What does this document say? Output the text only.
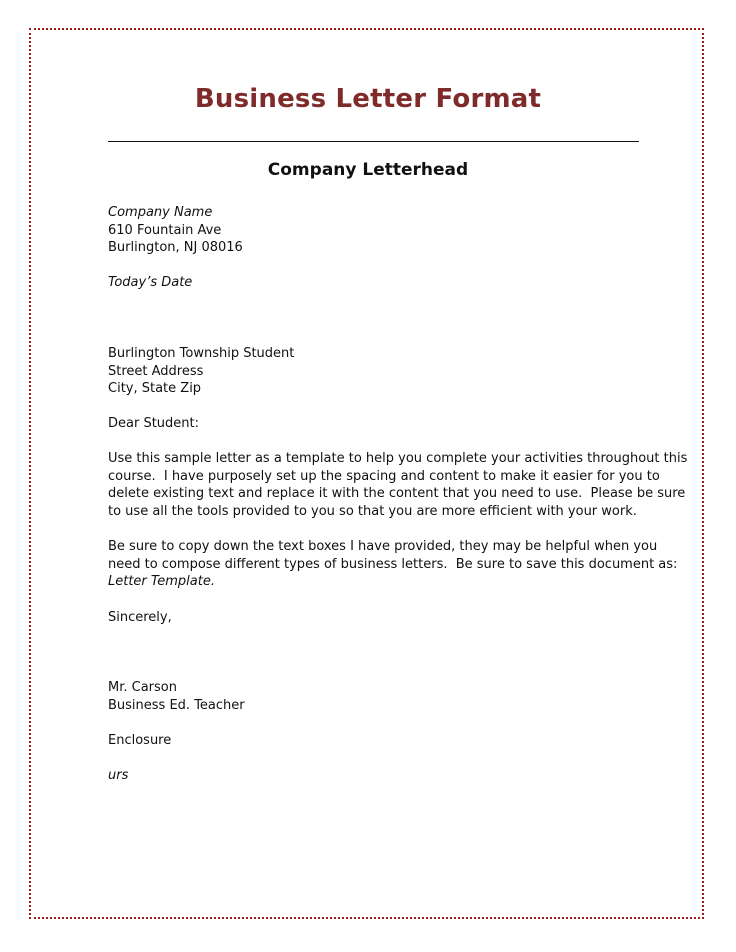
Business Letter Format
Company Letterhead
Company Name
610 Fountain Ave
Burlington, NJ 08016
Today’s Date
Burlington Township Student
Street Address
City, State Zip
Dear Student:
Use this sample letter as a template to help you complete your activities throughout this
course.  I have purposely set up the spacing and content to make it easier for you to
delete existing text and replace it with the content that you need to use.  Please be sure
to use all the tools provided to you so that you are more efficient with your work.
Be sure to copy down the text boxes I have provided, they may be helpful when you
need to compose different types of business letters.  Be sure to save this document as:
Letter Template.
Sincerely,
Mr. Carson
Business Ed. Teacher
Enclosure
urs
